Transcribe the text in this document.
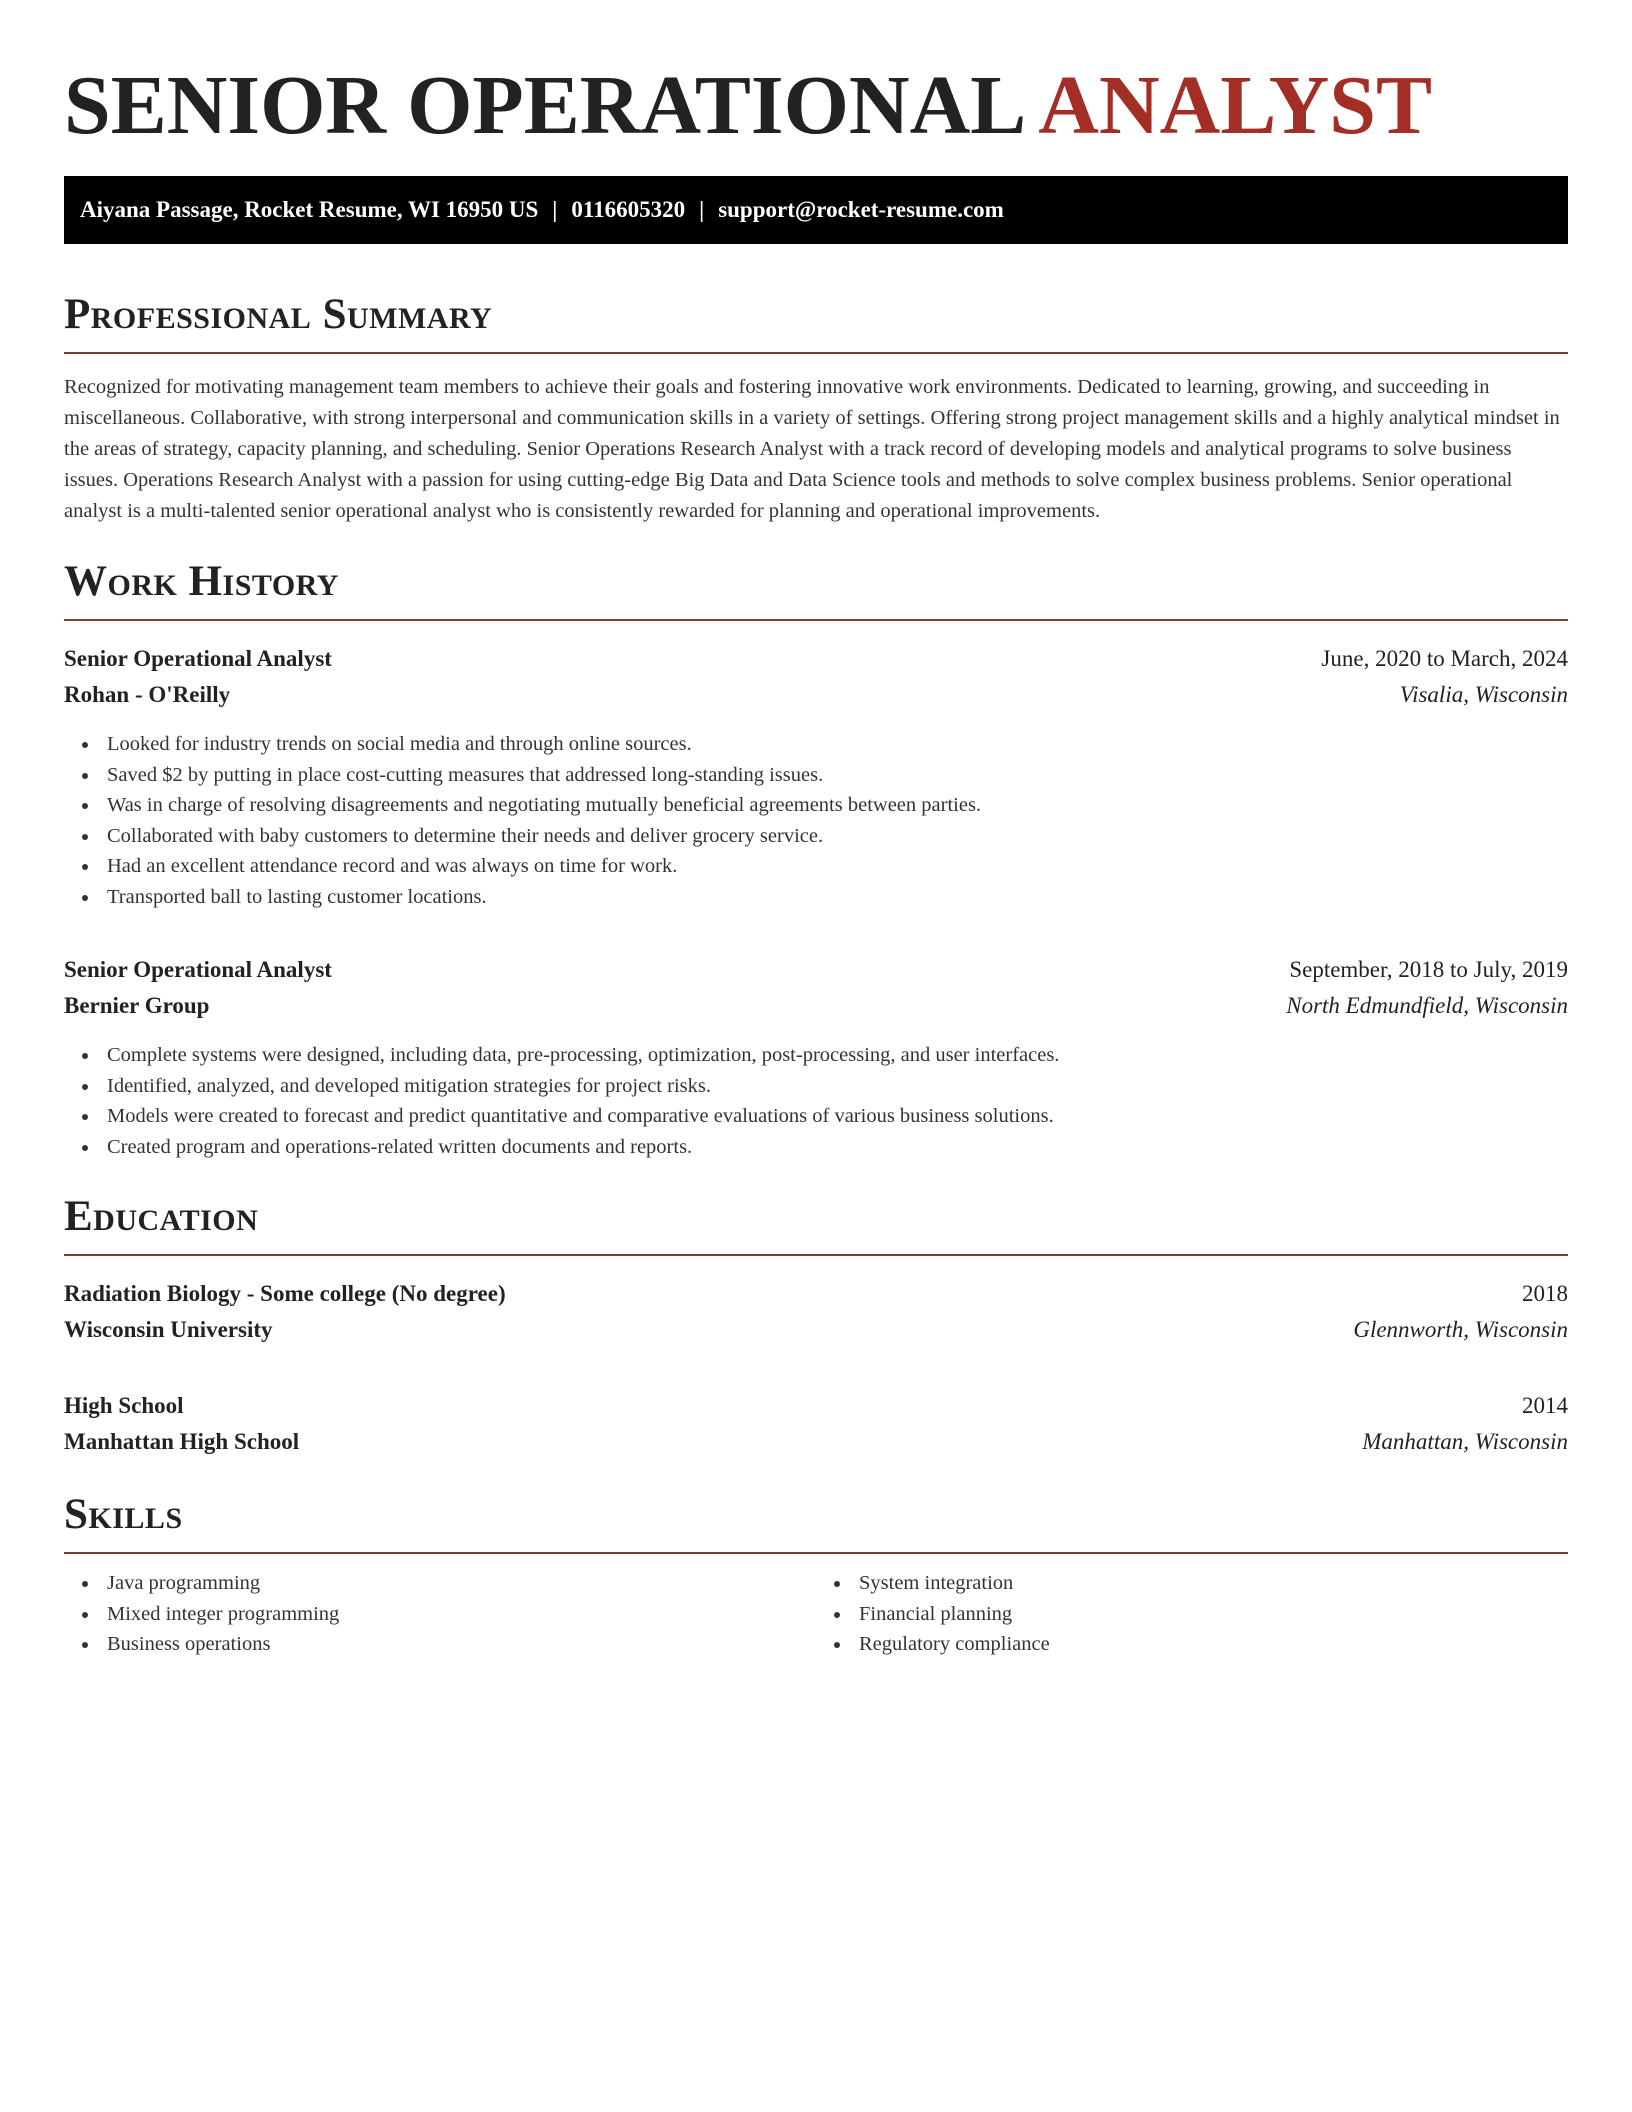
SENIOR OPERATIONAL ANALYST
Aiyana Passage, Rocket Resume, WI 16950 US | 0116605320 | support@rocket-resume.com
Professional Summary

Recognized for motivating management team members to achieve their goals and fostering innovative work environments. Dedicated to learning, growing, and succeeding in miscellaneous. Collaborative, with strong interpersonal and communication skills in a variety of settings. Offering strong project management skills and a highly analytical mindset in the areas of strategy, capacity planning, and scheduling. Senior Operations Research Analyst with a track record of developing models and analytical programs to solve business issues. Operations Research Analyst with a passion for using cutting-edge Big Data and Data Science tools and methods to solve complex business problems. Senior operational analyst is a multi-talented senior operational analyst who is consistently rewarded for planning and operational improvements.

Work History
Senior Operational Analyst	June, 2020 to March, 2024
Rohan - O'Reilly	Visalia, Wisconsin
Looked for industry trends on social media and through online sources.
Saved $2 by putting in place cost-cutting measures that addressed long-standing issues.
Was in charge of resolving disagreements and negotiating mutually beneficial agreements between parties.
Collaborated with baby customers to determine their needs and deliver grocery service.
Had an excellent attendance record and was always on time for work.
Transported ball to lasting customer locations.
Senior Operational Analyst	September, 2018 to July, 2019
Bernier Group	North Edmundfield, Wisconsin
Complete systems were designed, including data, pre-processing, optimization, post-processing, and user interfaces.
Identified, analyzed, and developed mitigation strategies for project risks.
Models were created to forecast and predict quantitative and comparative evaluations of various business solutions.
Created program and operations-related written documents and reports.
Education
Radiation Biology - Some college (No degree)	2018
Wisconsin University	Glennworth, Wisconsin
High School	2014
Manhattan High School	Manhattan, Wisconsin
Skills
Java programming
Mixed integer programming
Business operations
System integration
Financial planning
Regulatory compliance
